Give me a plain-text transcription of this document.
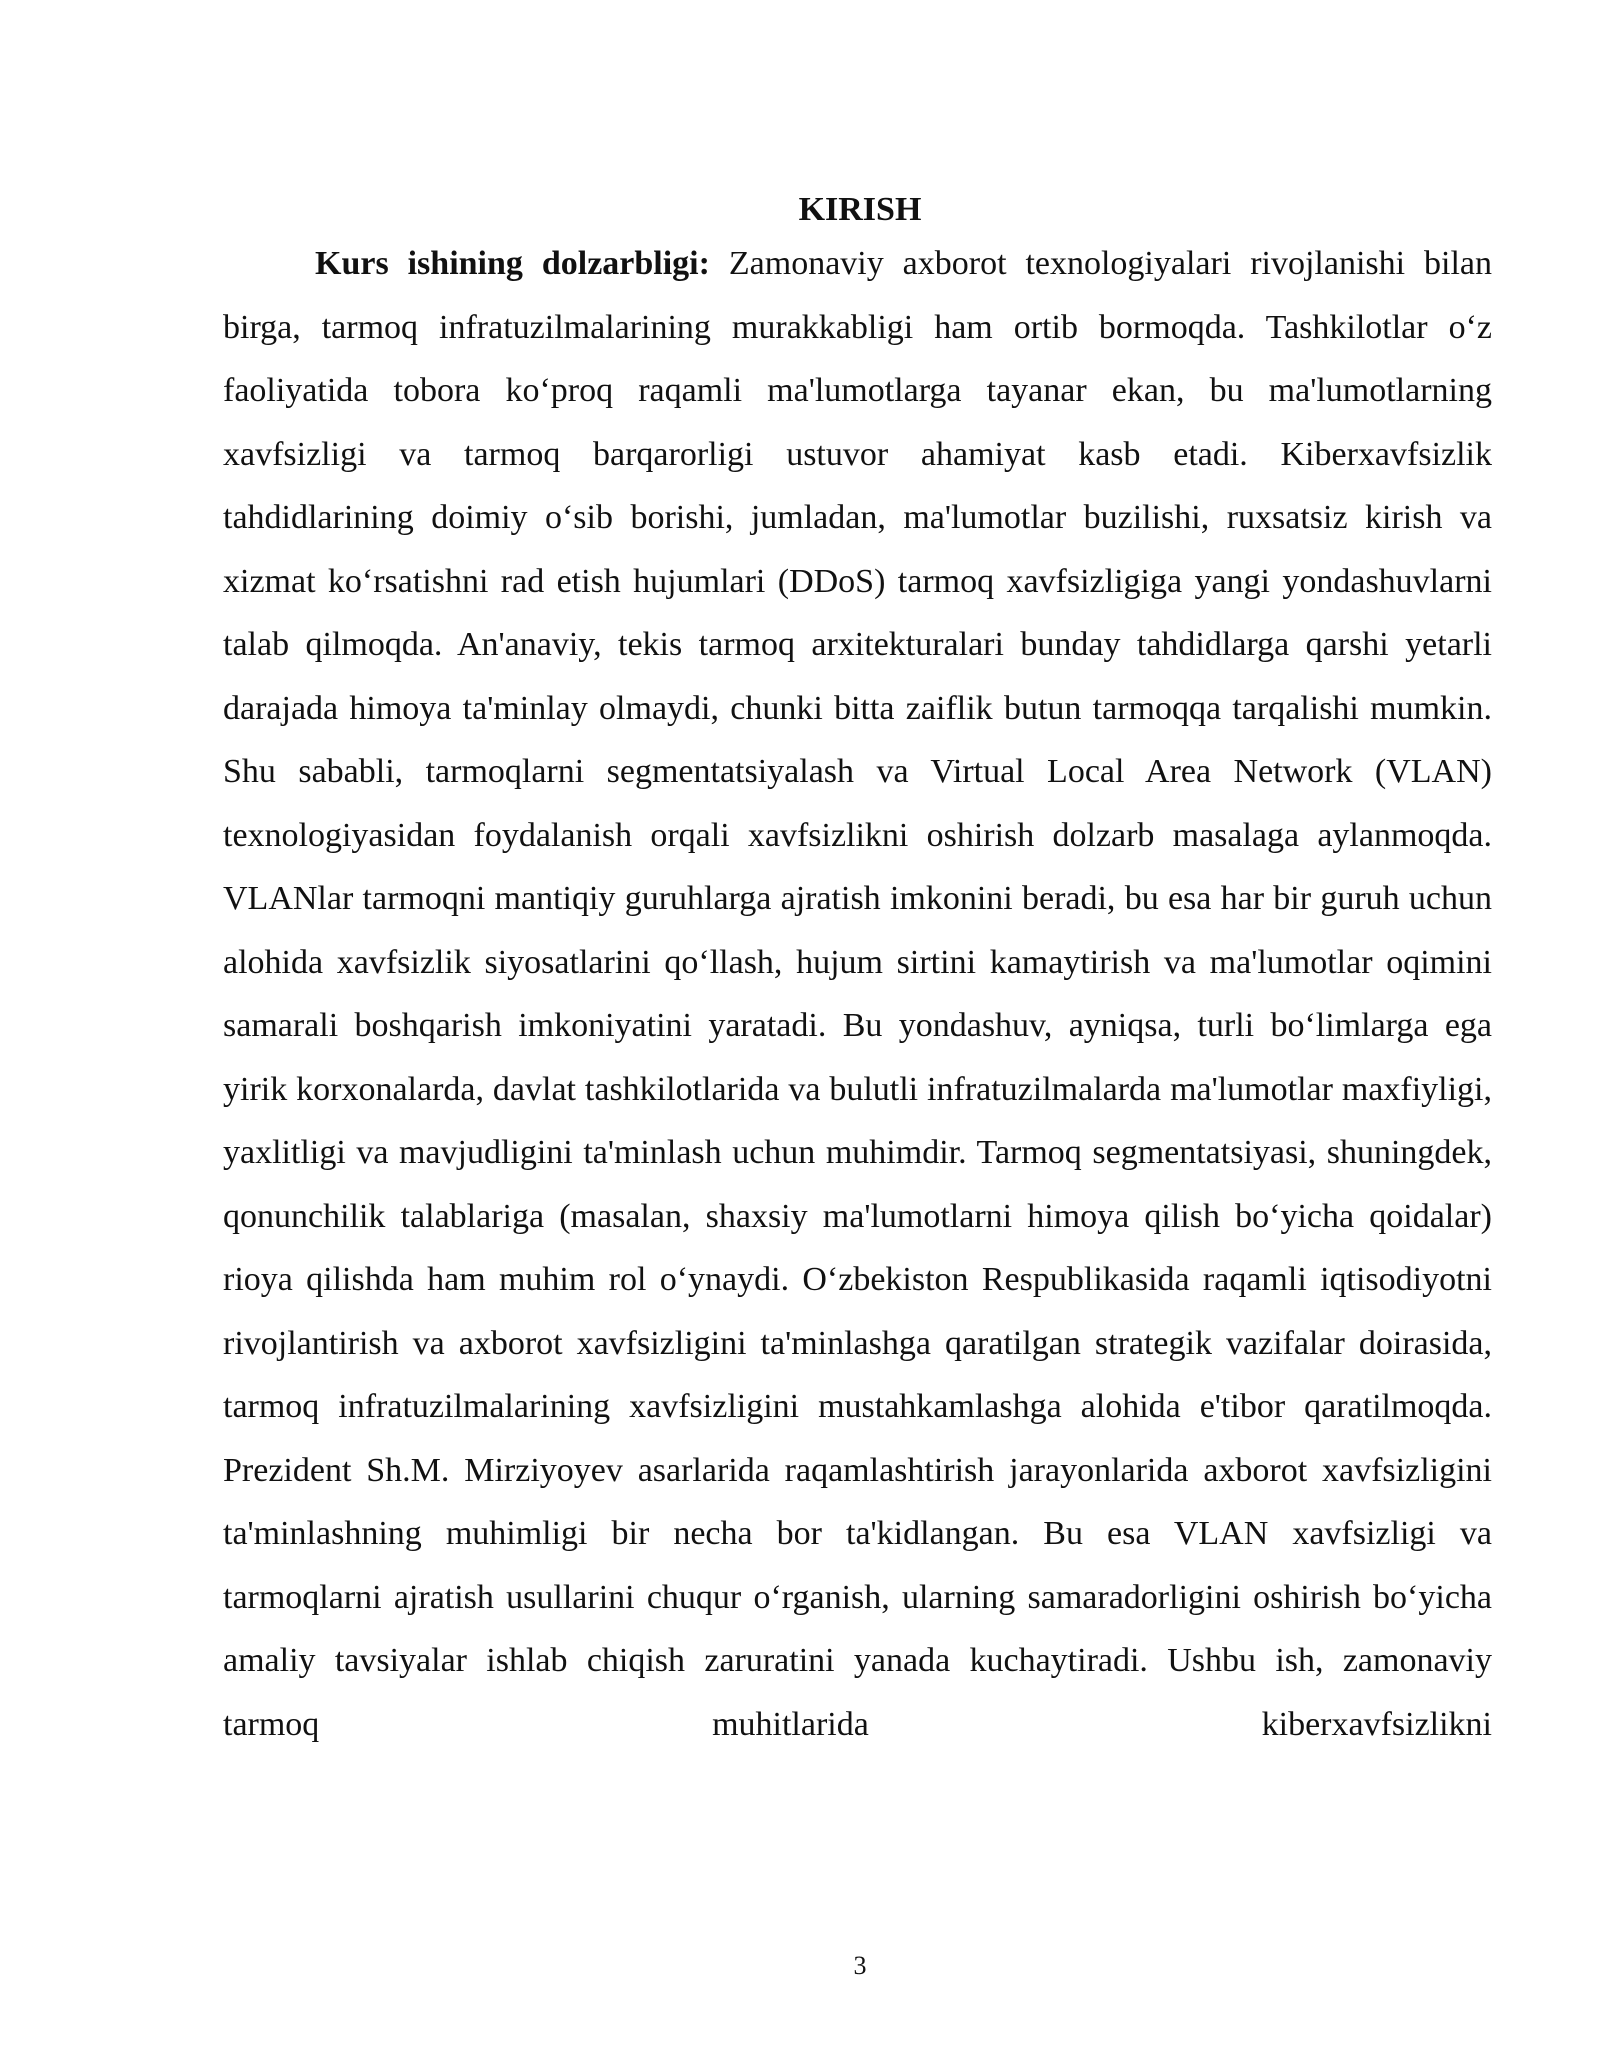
KIRISH

Kurs ishining dolzarbligi: Zamonaviy axborot texnologiyalari rivojlanishi bilan birga, tarmoq infratuzilmalarining murakkabligi ham ortib bormoqda. Tashkilotlar o‘z faoliyatida tobora ko‘proq raqamli ma'lumotlarga tayanar ekan, bu ma'lumotlarning xavfsizligi va tarmoq barqarorligi ustuvor ahamiyat kasb etadi. Kiberxavfsizlik tahdidlarining doimiy o‘sib borishi, jumladan, ma'lumotlar buzilishi, ruxsatsiz kirish va xizmat ko‘rsatishni rad etish hujumlari (DDoS) tarmoq xavfsizligiga yangi yondashuvlarni talab qilmoqda. An'anaviy, tekis tarmoq arxitekturalari bunday tahdidlarga qarshi yetarli darajada himoya ta'minlay olmaydi, chunki bitta zaiflik butun tarmoqqa tarqalishi mumkin. Shu sababli, tarmoqlarni segmentatsiyalash va Virtual Local Area Network (VLAN) texnologiyasidan foydalanish orqali xavfsizlikni oshirish dolzarb masalaga aylanmoqda. VLANlar tarmoqni mantiqiy guruhlarga ajratish imkonini beradi, bu esa har bir guruh uchun alohida xavfsizlik siyosatlarini qo‘llash, hujum sirtini kamaytirish va ma'lumotlar oqimini samarali boshqarish imkoniyatini yaratadi. Bu yondashuv, ayniqsa, turli bo‘limlarga ega yirik korxonalarda, davlat tashkilotlarida va bulutli infratuzilmalarda ma'lumotlar maxfiyligi, yaxlitligi va mavjudligini ta'minlash uchun muhimdir. Tarmoq segmentatsiyasi, shuningdek, qonunchilik talablariga (masalan, shaxsiy ma'lumotlarni himoya qilish bo‘yicha qoidalar) rioya qilishda ham muhim rol o‘ynaydi. O‘zbekiston Respublikasida raqamli iqtisodiyotni rivojlantirish va axborot xavfsizligini ta'minlashga qaratilgan strategik vazifalar doirasida, tarmoq infratuzilmalarining xavfsizligini mustahkamlashga alohida e'tibor qaratilmoqda. Prezident Sh.M. Mirziyoyev asarlarida raqamlashtirish jarayonlarida axborot xavfsizligini ta'minlashning muhimligi bir necha bor ta'kidlangan. Bu esa VLAN xavfsizligi va tarmoqlarni ajratish usullarini chuqur o‘rganish, ularning samaradorligini oshirish bo‘yicha amaliy tavsiyalar ishlab chiqish zaruratini yanada kuchaytiradi. Ushbu ish, zamonaviy tarmoq muhitlarida kiberxavfsizlikni

3
